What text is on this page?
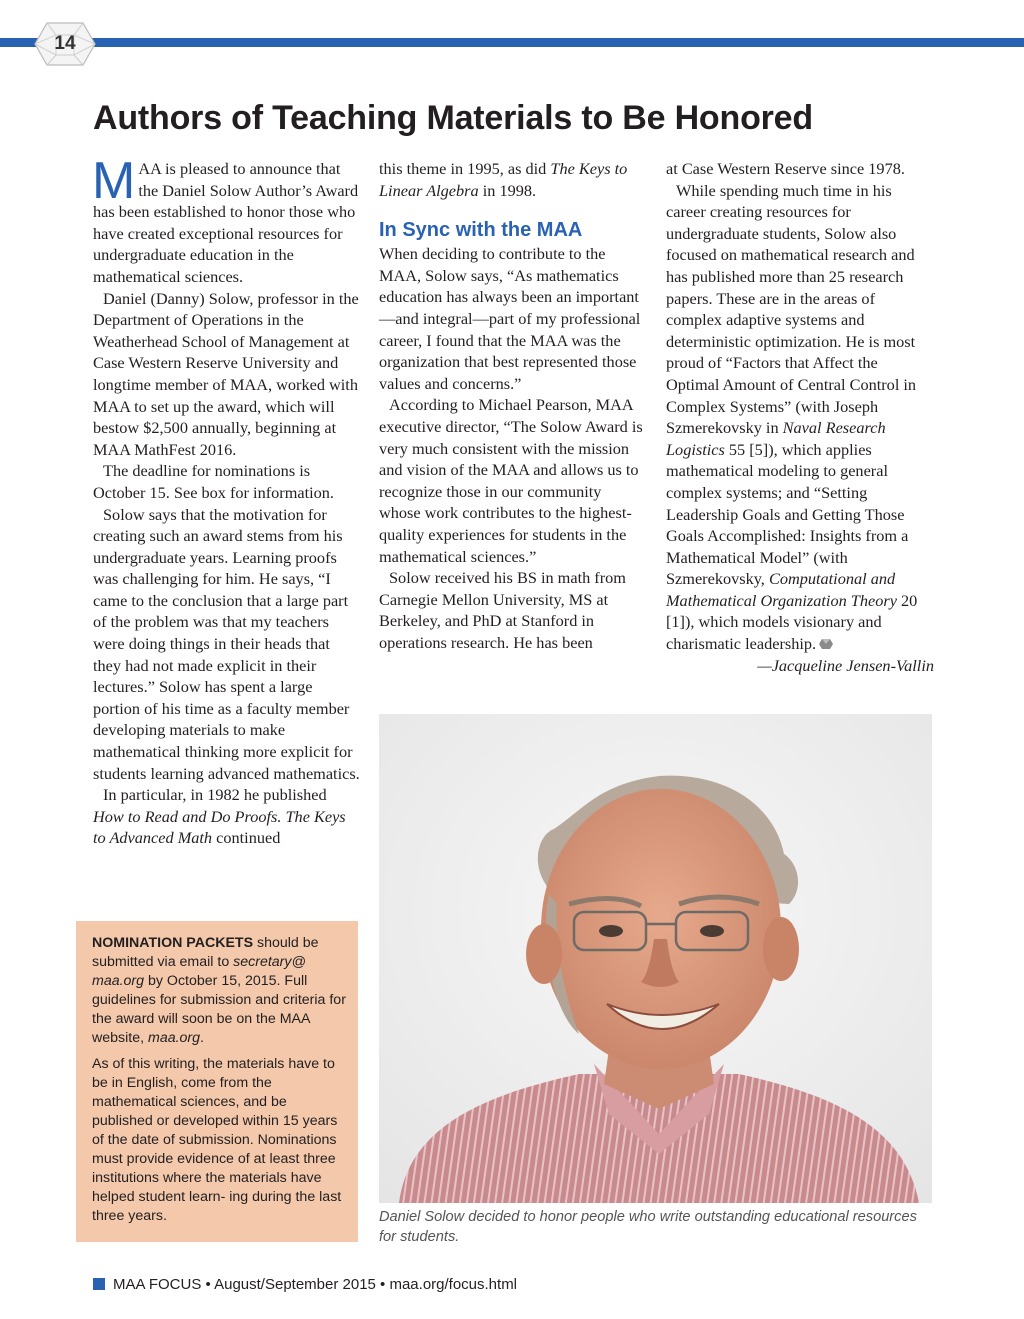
14
Authors of Teaching Materials to Be Honored

MAA is pleased to announce that the Daniel Solow Author’s Award has been established to honor those who have created exceptional resources for undergraduate education in the mathematical sciences.

Daniel (Danny) Solow, professor in the Department of Operations in the Weatherhead School of Management at Case Western Reserve University and longtime member of MAA, worked with MAA to set up the award, which will bestow $2,500 annually, beginning at MAA MathFest 2016.

The deadline for nominations is October 15. See box for information.

Solow says that the motivation for creating such an award stems from his undergraduate years. Learning proofs was challenging for him. He says, “I came to the conclusion that a large part of the problem was that my teachers were doing things in their heads that they had not made explicit in their lectures.” Solow has spent a large portion of his time as a faculty member developing materials to make mathematical thinking more explicit for students learning advanced mathematics.

In particular, in 1982 he published How to Read and Do Proofs. The Keys to Advanced Math continued

this theme in 1995, as did The Keys to Linear Algebra in 1998.

In Sync with the MAA

When deciding to contribute to the MAA, Solow says, “As mathematics education has always been an important—and integral—part of my professional career, I found that the MAA was the organization that best represented those values and concerns.”

According to Michael Pearson, MAA executive director, “The Solow Award is very much consistent with the mission and vision of the MAA and allows us to recognize those in our community whose work contributes to the highest-quality experiences for students in the mathematical sciences.”

Solow received his BS in math from Carnegie Mellon University, MS at Berkeley, and PhD at Stanford in operations research. He has been

at Case Western Reserve since 1978.

While spending much time in his career creating resources for undergraduate students, Solow also focused on mathematical research and has published more than 25 research papers. These are in the areas of complex adaptive systems and deterministic optimization. He is most proud of “Factors that Affect the Optimal Amount of Central Control in Complex Systems” (with Joseph Szmerekovsky in Naval Research Logistics 55 [5]), which applies mathematical modeling to general complex systems; and “Setting Leadership Goals and Getting Those Goals Accomplished: Insights from a Mathematical Model” (with Szmerekovsky, Computational and Mathematical Organization Theory 20 [1]), which models visionary and charismatic leadership.

—Jacqueline Jensen-Vallin

NOMINATION PACKETS should be submitted via email to secretary@ maa.org by October 15, 2015. Full guidelines for submission and criteria for the award will soon be on the MAA website, maa.org.

As of this writing, the materials have to be in English, come from the mathematical sciences, and be published or developed within 15 years of the date of submission. Nominations must provide evidence of at least three institutions where the materials have helped student learn- ing during the last three years.	Daniel Solow decided to honor people who write outstanding educational resources for students.
MAA FOCUS • August/September 2015 • maa.org/focus.html
